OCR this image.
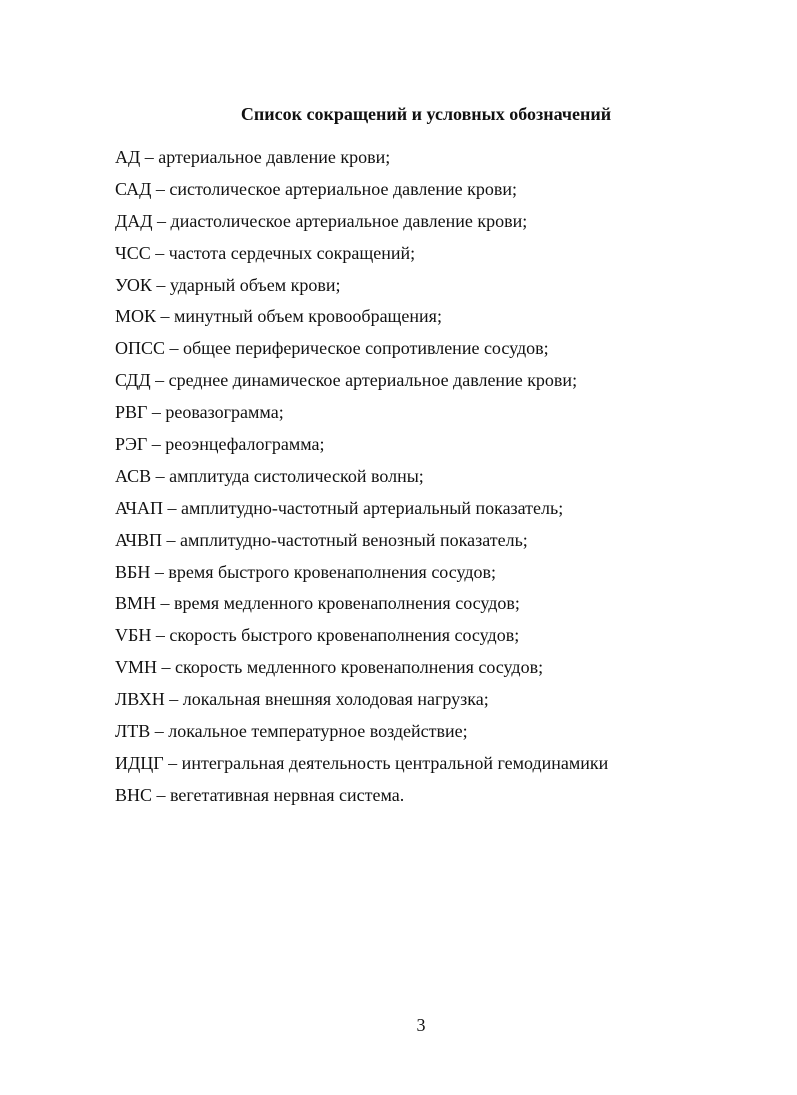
Список сокращений и условных обозначений
АД – артериальное давление крови;
САД – систолическое артериальное давление крови;
ДАД – диастолическое артериальное давление крови;
ЧСС – частота сердечных сокращений;
УОК – ударный объем крови;
МОК – минутный объем кровообращения;
ОПСС – общее периферическое сопротивление сосудов;
СДД – среднее динамическое артериальное давление крови;
РВГ – реовазограмма;
РЭГ – реоэнцефалограмма;
АСВ – амплитуда систолической волны;
АЧАП – амплитудно-частотный артериальный показатель;
АЧВП – амплитудно-частотный венозный показатель;
ВБН – время быстрого кровенаполнения сосудов;
ВМН – время медленного кровенаполнения сосудов;
VБН – скорость быстрого кровенаполнения сосудов;
VМН – скорость медленного кровенаполнения сосудов;
ЛВХН – локальная внешняя холодовая нагрузка;
ЛТВ – локальное температурное воздействие;
ИДЦГ – интегральная деятельность центральной гемодинамики
ВНС – вегетативная нервная система.
3
